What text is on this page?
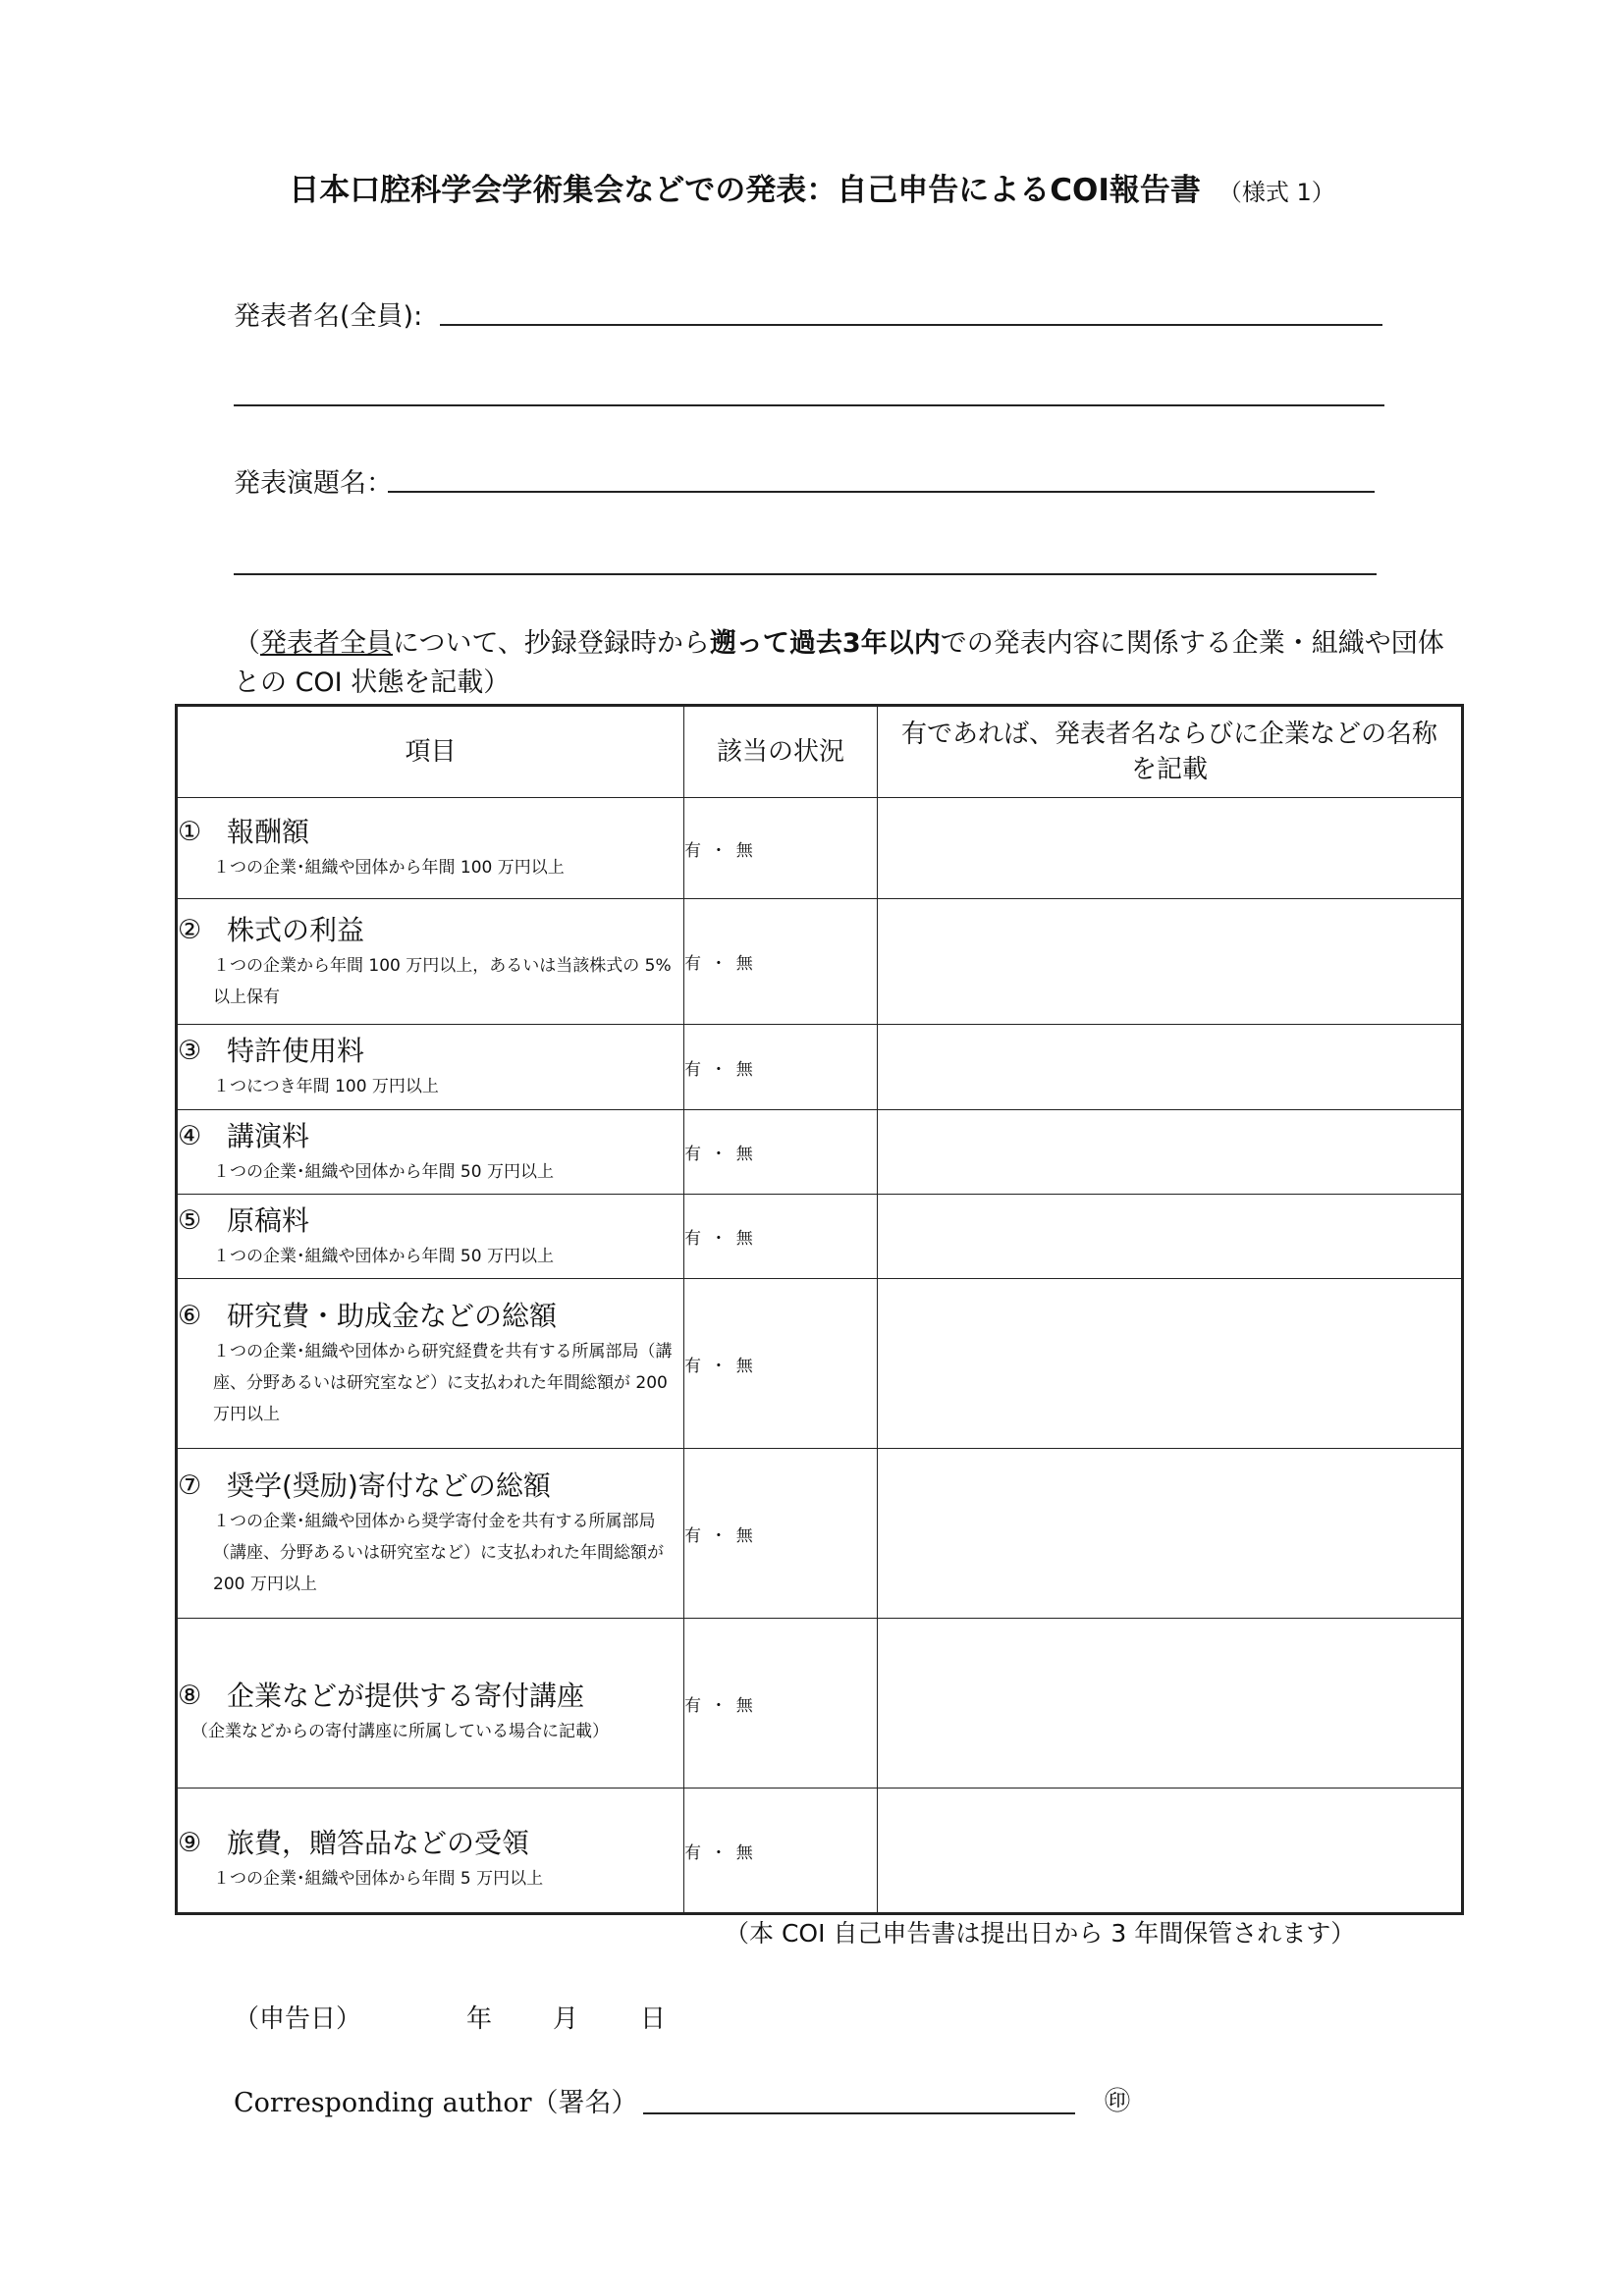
日本口腔科学会学術集会などでの発表：自己申告によるCOI報告書 （様式 1）
発表者名(全員):
発表演題名：
（発表者全員について、抄録登録時から遡って過去3年以内での発表内容に関係する企業・組織や団体との COI 状態を記載）
項目	該当の状況	有であれば、発表者名ならびに企業などの名称を記載

① 報酬額
１つの企業･組織や団体から年間 100 万円以上	有 ・ 無	

② 株式の利益
１つの企業から年間 100 万円以上，あるいは当該株式の 5%以上保有	有 ・ 無	

③ 特許使用料
１つにつき年間 100 万円以上	有 ・ 無	

④ 講演料
１つの企業･組織や団体から年間 50 万円以上	有 ・ 無	

⑤ 原稿料
１つの企業･組織や団体から年間 50 万円以上	有 ・ 無	

⑥ 研究費・助成金などの総額
１つの企業･組織や団体から研究経費を共有する所属部局（講座、分野あるいは研究室など）に支払われた年間総額が 200 万円以上	有 ・ 無	

⑦ 奨学(奨励)寄付などの総額
１つの企業･組織や団体から奨学寄付金を共有する所属部局（講座、分野あるいは研究室など）に支払われた年間総額が 200 万円以上	有 ・ 無	

⑧ 企業などが提供する寄付講座
（企業などからの寄付講座に所属している場合に記載）	有 ・ 無	

⑨ 旅費，贈答品などの受領
１つの企業･組織や団体から年間 5 万円以上	有 ・ 無	
（本 COI 自己申告書は提出日から 3 年間保管されます）
（申告日）	年 月 日
Corresponding author（署名）	㊞
